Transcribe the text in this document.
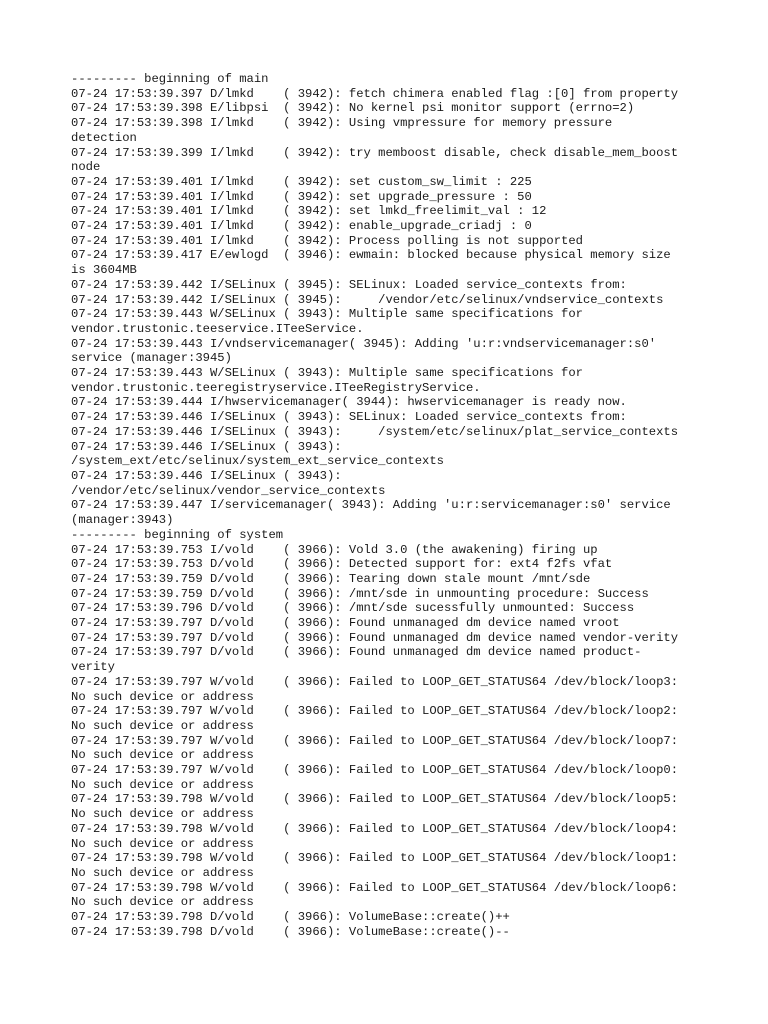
--------- beginning of main
07-24 17:53:39.397 D/lmkd    ( 3942): fetch chimera enabled flag :[0] from property
07-24 17:53:39.398 E/libpsi  ( 3942): No kernel psi monitor support (errno=2)
07-24 17:53:39.398 I/lmkd    ( 3942): Using vmpressure for memory pressure
detection
07-24 17:53:39.399 I/lmkd    ( 3942): try memboost disable, check disable_mem_boost
node
07-24 17:53:39.401 I/lmkd    ( 3942): set custom_sw_limit : 225
07-24 17:53:39.401 I/lmkd    ( 3942): set upgrade_pressure : 50
07-24 17:53:39.401 I/lmkd    ( 3942): set lmkd_freelimit_val : 12
07-24 17:53:39.401 I/lmkd    ( 3942): enable_upgrade_criadj : 0
07-24 17:53:39.401 I/lmkd    ( 3942): Process polling is not supported
07-24 17:53:39.417 E/ewlogd  ( 3946): ewmain: blocked because physical memory size
is 3604MB
07-24 17:53:39.442 I/SELinux ( 3945): SELinux: Loaded service_contexts from:
07-24 17:53:39.442 I/SELinux ( 3945):     /vendor/etc/selinux/vndservice_contexts
07-24 17:53:39.443 W/SELinux ( 3943): Multiple same specifications for
vendor.trustonic.teeservice.ITeeService.
07-24 17:53:39.443 I/vndservicemanager( 3945): Adding 'u:r:vndservicemanager:s0'
service (manager:3945)
07-24 17:53:39.443 W/SELinux ( 3943): Multiple same specifications for
vendor.trustonic.teeregistryservice.ITeeRegistryService.
07-24 17:53:39.444 I/hwservicemanager( 3944): hwservicemanager is ready now.
07-24 17:53:39.446 I/SELinux ( 3943): SELinux: Loaded service_contexts from:
07-24 17:53:39.446 I/SELinux ( 3943):     /system/etc/selinux/plat_service_contexts
07-24 17:53:39.446 I/SELinux ( 3943):
/system_ext/etc/selinux/system_ext_service_contexts
07-24 17:53:39.446 I/SELinux ( 3943):
/vendor/etc/selinux/vendor_service_contexts
07-24 17:53:39.447 I/servicemanager( 3943): Adding 'u:r:servicemanager:s0' service
(manager:3943)
--------- beginning of system
07-24 17:53:39.753 I/vold    ( 3966): Vold 3.0 (the awakening) firing up
07-24 17:53:39.753 D/vold    ( 3966): Detected support for: ext4 f2fs vfat
07-24 17:53:39.759 D/vold    ( 3966): Tearing down stale mount /mnt/sde
07-24 17:53:39.759 D/vold    ( 3966): /mnt/sde in unmounting procedure: Success
07-24 17:53:39.796 D/vold    ( 3966): /mnt/sde sucessfully unmounted: Success
07-24 17:53:39.797 D/vold    ( 3966): Found unmanaged dm device named vroot
07-24 17:53:39.797 D/vold    ( 3966): Found unmanaged dm device named vendor-verity
07-24 17:53:39.797 D/vold    ( 3966): Found unmanaged dm device named product-
verity
07-24 17:53:39.797 W/vold    ( 3966): Failed to LOOP_GET_STATUS64 /dev/block/loop3:
No such device or address
07-24 17:53:39.797 W/vold    ( 3966): Failed to LOOP_GET_STATUS64 /dev/block/loop2:
No such device or address
07-24 17:53:39.797 W/vold    ( 3966): Failed to LOOP_GET_STATUS64 /dev/block/loop7:
No such device or address
07-24 17:53:39.797 W/vold    ( 3966): Failed to LOOP_GET_STATUS64 /dev/block/loop0:
No such device or address
07-24 17:53:39.798 W/vold    ( 3966): Failed to LOOP_GET_STATUS64 /dev/block/loop5:
No such device or address
07-24 17:53:39.798 W/vold    ( 3966): Failed to LOOP_GET_STATUS64 /dev/block/loop4:
No such device or address
07-24 17:53:39.798 W/vold    ( 3966): Failed to LOOP_GET_STATUS64 /dev/block/loop1:
No such device or address
07-24 17:53:39.798 W/vold    ( 3966): Failed to LOOP_GET_STATUS64 /dev/block/loop6:
No such device or address
07-24 17:53:39.798 D/vold    ( 3966): VolumeBase::create()++
07-24 17:53:39.798 D/vold    ( 3966): VolumeBase::create()--
